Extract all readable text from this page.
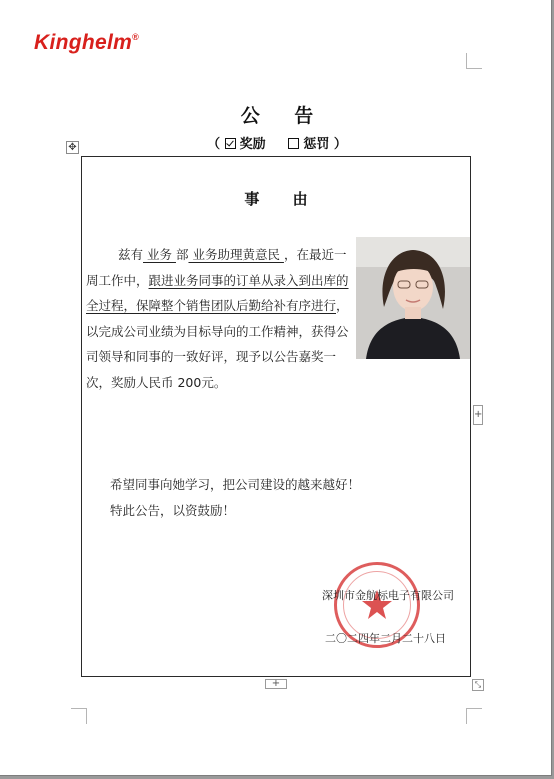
Kinghelm®
公 告
（ 奖励	惩罚 ）
✥
事 由
兹有 业务 部 业务助理黄意民 ，在最近一周工作中，跟进业务同事的订单从录入到出库的全过程，保障整个销售团队后勤给补有序进行，以完成公司业绩为目标导向的工作精神，获得公司领导和同事的一致好评，现予以公告嘉奖一次，奖励人民币 200元。
希望同事向她学习，把公司建设的越来越好！
特此公告，以资鼓励！
深圳市金航标电子有限公司
二〇二四年二月二十八日
+
+
⤡
